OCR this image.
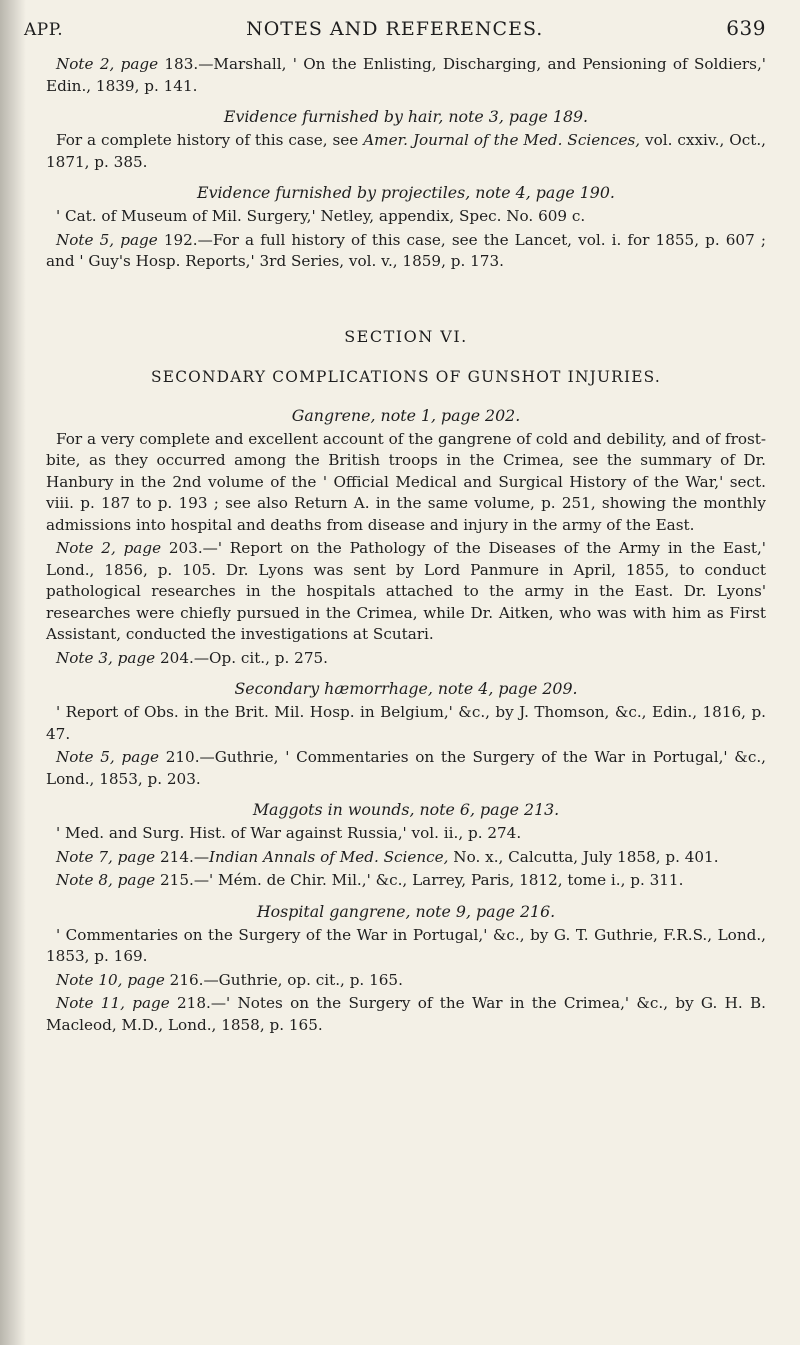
APP.	NOTES AND REFERENCES.	639

Note 2, page 183.—Marshall, ' On the Enlisting, Discharging, and Pensioning of Soldiers,' Edin., 1839, p. 141.

Evidence furnished by hair, note 3, page 189.

For a complete history of this case, see Amer. Journal of the Med. Sciences, vol. cxxiv., Oct., 1871, p. 385.

Evidence furnished by projectiles, note 4, page 190.

' Cat. of Museum of Mil. Surgery,' Netley, appendix, Spec. No. 609 c.

Note 5, page 192.—For a full history of this case, see the Lancet, vol. i. for 1855, p. 607 ; and ' Guy's Hosp. Reports,' 3rd Series, vol. v., 1859, p. 173.

SECTION VI.
SECONDARY COMPLICATIONS OF GUNSHOT INJURIES.
Gangrene, note 1, page 202.

For a very complete and excellent account of the gangrene of cold and debility, and of frost-bite, as they occurred among the British troops in the Crimea, see the summary of Dr. Hanbury in the 2nd volume of the ' Official Medical and Surgical History of the War,' sect. viii. p. 187 to p. 193 ; see also Return A. in the same volume, p. 251, showing the monthly admissions into hospital and deaths from disease and injury in the army of the East.

Note 2, page 203.—' Report on the Pathology of the Diseases of the Army in the East,' Lond., 1856, p. 105. Dr. Lyons was sent by Lord Panmure in April, 1855, to conduct pathological researches in the hospitals attached to the army in the East. Dr. Lyons' researches were chiefly pursued in the Crimea, while Dr. Aitken, who was with him as First Assistant, conducted the investigations at Scutari.

Note 3, page 204.—Op. cit., p. 275.

Secondary hæmorrhage, note 4, page 209.

' Report of Obs. in the Brit. Mil. Hosp. in Belgium,' &c., by J. Thomson, &c., Edin., 1816, p. 47.

Note 5, page 210.—Guthrie, ' Commentaries on the Surgery of the War in Portugal,' &c., Lond., 1853, p. 203.

Maggots in wounds, note 6, page 213.

' Med. and Surg. Hist. of War against Russia,' vol. ii., p. 274.

Note 7, page 214.—Indian Annals of Med. Science, No. x., Calcutta, July 1858, p. 401.

Note 8, page 215.—' Mém. de Chir. Mil.,' &c., Larrey, Paris, 1812, tome i., p. 311.

Hospital gangrene, note 9, page 216.

' Commentaries on the Surgery of the War in Portugal,' &c., by G. T. Guthrie, F.R.S., Lond., 1853, p. 169.

Note 10, page 216.—Guthrie, op. cit., p. 165.

Note 11, page 218.—' Notes on the Surgery of the War in the Crimea,' &c., by G. H. B. Macleod, M.D., Lond., 1858, p. 165.
